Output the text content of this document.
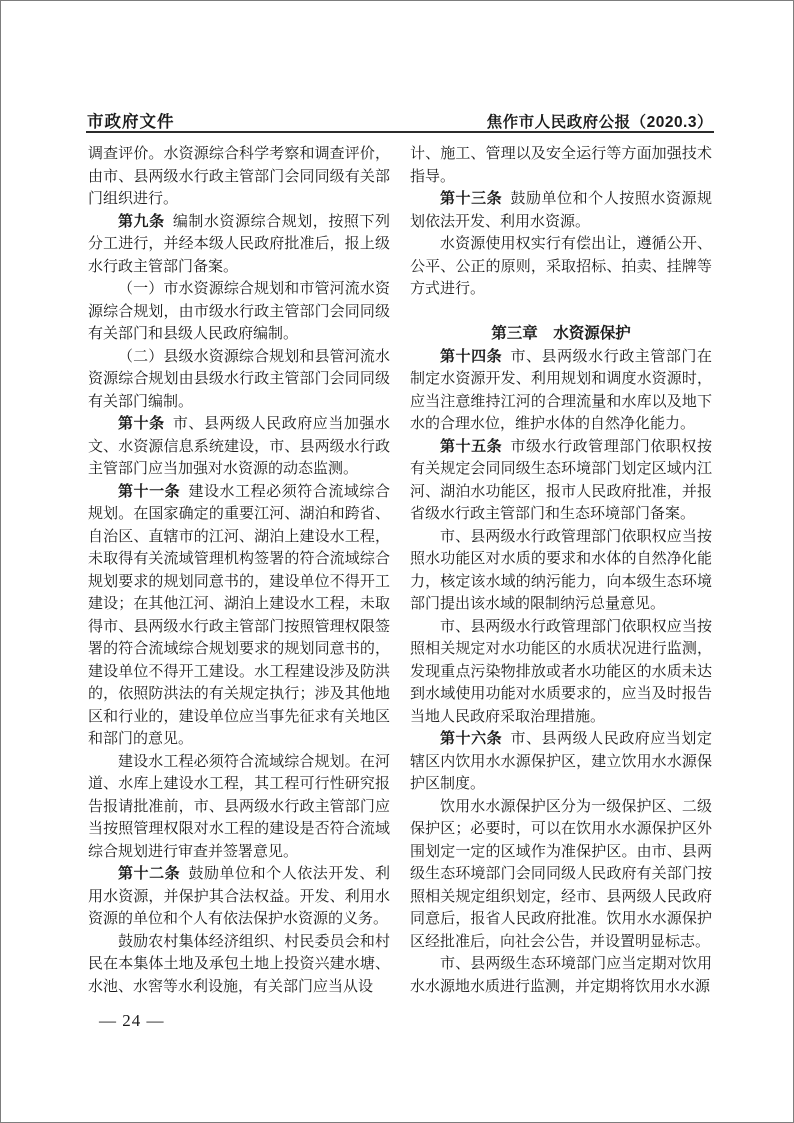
市政府文件	焦作市人民政府公报（2020.3）

调查评价。水资源综合科学考察和调查评价，由市、县两级水行政主管部门会同同级有关部门组织进行。

第九条 编制水资源综合规划，按照下列分工进行，并经本级人民政府批准后，报上级水行政主管部门备案。

（一）市水资源综合规划和市管河流水资源综合规划，由市级水行政主管部门会同同级有关部门和县级人民政府编制。

（二）县级水资源综合规划和县管河流水资源综合规划由县级水行政主管部门会同同级有关部门编制。

第十条 市、县两级人民政府应当加强水文、水资源信息系统建设，市、县两级水行政主管部门应当加强对水资源的动态监测。

第十一条 建设水工程必须符合流域综合规划。在国家确定的重要江河、湖泊和跨省、自治区、直辖市的江河、湖泊上建设水工程，未取得有关流域管理机构签署的符合流域综合规划要求的规划同意书的，建设单位不得开工建设；在其他江河、湖泊上建设水工程，未取得市、县两级水行政主管部门按照管理权限签署的符合流域综合规划要求的规划同意书的，建设单位不得开工建设。水工程建设涉及防洪的，依照防洪法的有关规定执行；涉及其他地区和行业的，建设单位应当事先征求有关地区和部门的意见。

建设水工程必须符合流域综合规划。在河道、水库上建设水工程，其工程可行性研究报告报请批准前，市、县两级水行政主管部门应当按照管理权限对水工程的建设是否符合流域综合规划进行审查并签署意见。

第十二条 鼓励单位和个人依法开发、利用水资源，并保护其合法权益。开发、利用水资源的单位和个人有依法保护水资源的义务。

鼓励农村集体经济组织、村民委员会和村民在本集体土地及承包土地上投资兴建水塘、水池、水窖等水利设施，有关部门应当从设

计、施工、管理以及安全运行等方面加强技术指导。

第十三条 鼓励单位和个人按照水资源规划依法开发、利用水资源。

水资源使用权实行有偿出让，遵循公开、公平、公正的原则，采取招标、拍卖、挂牌等方式进行。

第三章　水资源保护

第十四条 市、县两级水行政主管部门在制定水资源开发、利用规划和调度水资源时，应当注意维持江河的合理流量和水库以及地下水的合理水位，维护水体的自然净化能力。

第十五条 市级水行政管理部门依职权按有关规定会同同级生态环境部门划定区域内江河、湖泊水功能区，报市人民政府批准，并报省级水行政主管部门和生态环境部门备案。

市、县两级水行政管理部门依职权应当按照水功能区对水质的要求和水体的自然净化能力，核定该水域的纳污能力，向本级生态环境部门提出该水域的限制纳污总量意见。

市、县两级水行政管理部门依职权应当按照相关规定对水功能区的水质状况进行监测，发现重点污染物排放或者水功能区的水质未达到水域使用功能对水质要求的，应当及时报告当地人民政府采取治理措施。

第十六条 市、县两级人民政府应当划定辖区内饮用水水源保护区，建立饮用水水源保护区制度。

饮用水水源保护区分为一级保护区、二级保护区；必要时，可以在饮用水水源保护区外围划定一定的区域作为准保护区。由市、县两级生态环境部门会同同级人民政府有关部门按照相关规定组织划定，经市、县两级人民政府同意后，报省人民政府批准。饮用水水源保护区经批准后，向社会公告，并设置明显标志。

市、县两级生态环境部门应当定期对饮用水水源地水质进行监测，并定期将饮用水水源

— 24 —
